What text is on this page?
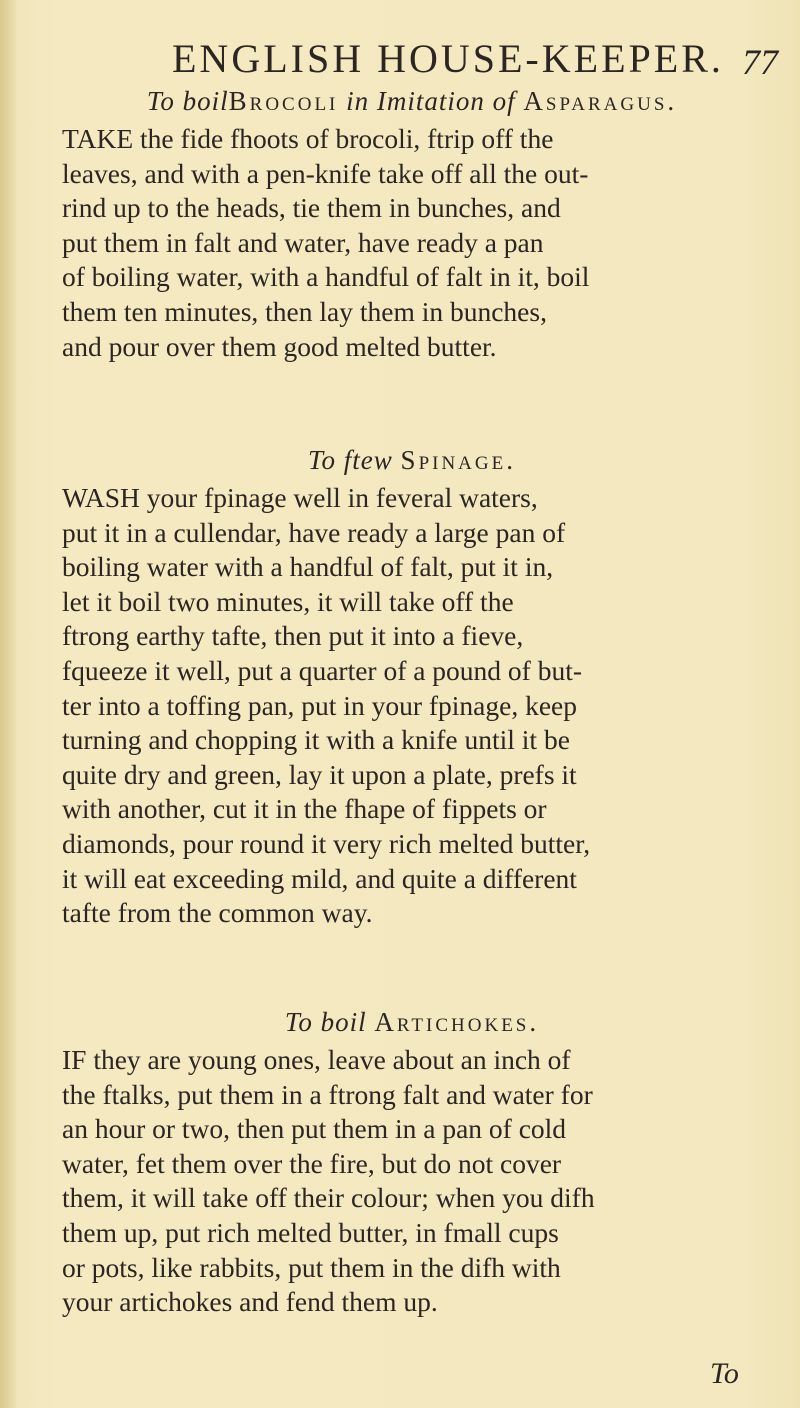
ENGLISH HOUSE-KEEPER. 77
To boilBrocoli in Imitation of Asparagus.
TAKE the fide fhoots of brocoli, ftrip off the
leaves, and with a pen-knife take off all the out-
rind up to the heads, tie them in bunches, and
put them in falt and water, have ready a pan
of boiling water, with a handful of falt in it, boil
them ten minutes, then lay them in bunches,
and pour over them good melted butter.
To ftew Spinage.
WASH your fpinage well in feveral waters,
put it in a cullendar, have ready a large pan of
boiling water with a handful of falt, put it in,
let it boil two minutes, it will take off the
ftrong earthy tafte, then put it into a fieve,
fqueeze it well, put a quarter of a pound of but-
ter into a toffing pan, put in your fpinage, keep
turning and chopping it with a knife until it be
quite dry and green, lay it upon a plate, prefs it
with another, cut it in the fhape of fippets or
diamonds, pour round it very rich melted butter,
it will eat exceeding mild, and quite a different
tafte from the common way.
To boil Artichokes.
IF they are young ones, leave about an inch of
the ftalks, put them in a ftrong falt and water for
an hour or two, then put them in a pan of cold
water, fet them over the fire, but do not cover
them, it will take off their colour; when you difh
them up, put rich melted butter, in fmall cups
or pots, like rabbits, put them in the difh with
your artichokes and fend them up.
To
